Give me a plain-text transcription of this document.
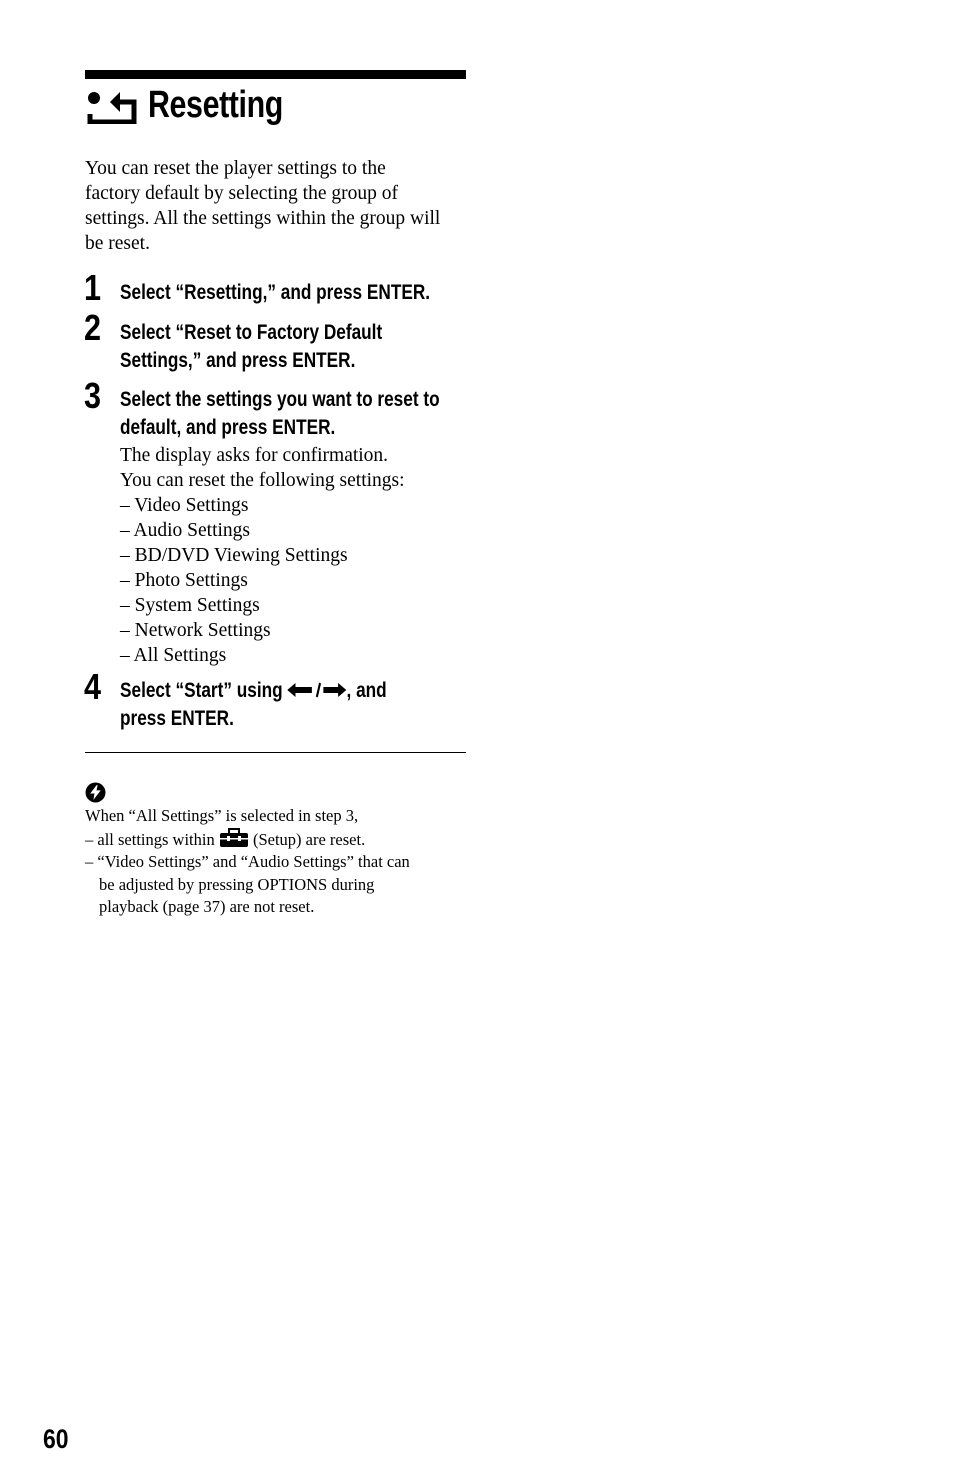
Resetting
You can reset the player settings to the
factory default by selecting the group of
settings. All the settings within the group will
be reset.
1 Select “Resetting,” and press ENTER.
2 Select “Reset to Factory Default
Settings,” and press ENTER.
3 Select the settings you want to reset to
default, and press ENTER.
The display asks for confirmation.
You can reset the following settings:
– Video Settings
– Audio Settings
– BD/DVD Viewing Settings
– Photo Settings
– System Settings
– Network Settings
– All Settings
4 Select “Start” using	, and
press ENTER.
When “All Settings” is selected in step 3,
– all settings within  (Setup) are reset.
– “Video Settings” and “Audio Settings” that can
be adjusted by pressing OPTIONS during
playback (page 37) are not reset.
60
